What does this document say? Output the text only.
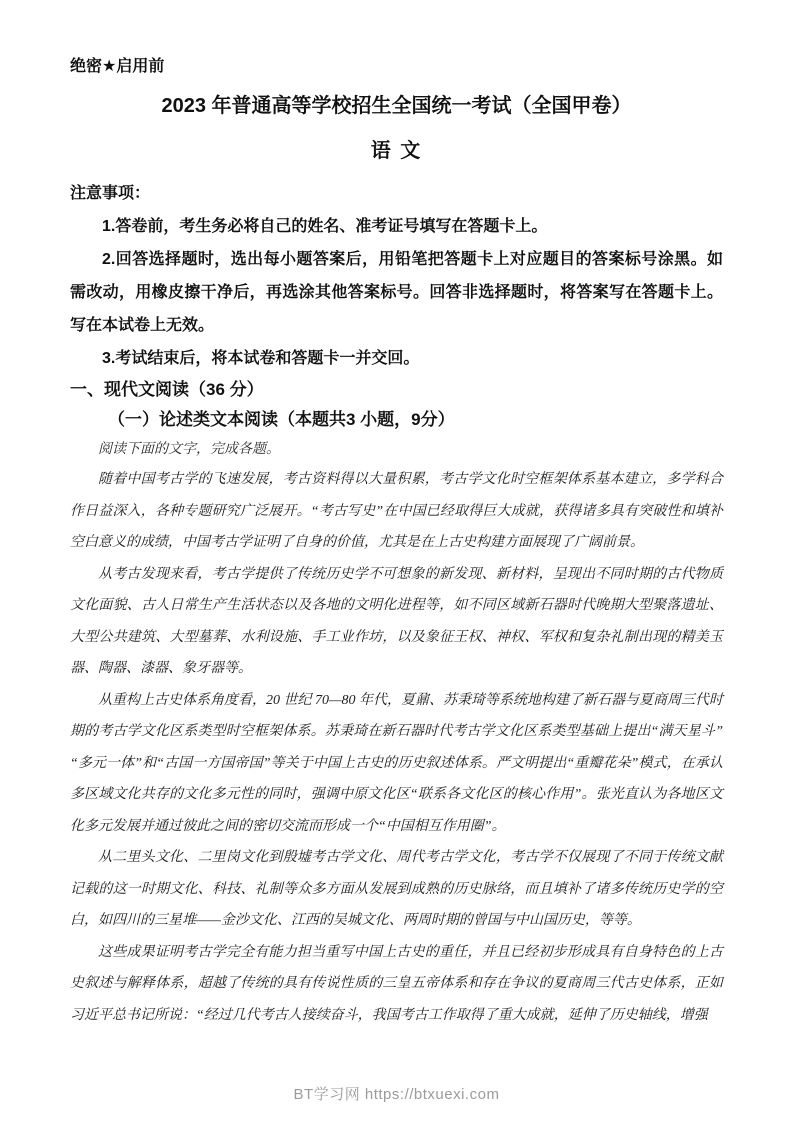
绝密★启用前
2023 年普通高等学校招生全国统一考试（全国甲卷）
语 文
注意事项：

1.答卷前，考生务必将自己的姓名、准考证号填写在答题卡上。

2.回答选择题时，选出每小题答案后，用铅笔把答题卡上对应题目的答案标号涂黑。如需改动，用橡皮擦干净后，再选涂其他答案标号。回答非选择题时，将答案写在答题卡上。写在本试卷上无效。

3.考试结束后，将本试卷和答题卡一并交回。

一、现代文阅读（36 分）
（一）论述类文本阅读（本题共3 小题，9分）

阅读下面的文字，完成各题。

随着中国考古学的飞速发展，考古资料得以大量积累，考古学文化时空框架体系基本建立，多学科合作日益深入，各种专题研究广泛展开。“考古写史”在中国已经取得巨大成就，获得诸多具有突破性和填补空白意义的成绩，中国考古学证明了自身的价值，尤其是在上古史构建方面展现了广阔前景。

从考古发现来看，考古学提供了传统历史学不可想象的新发现、新材料，呈现出不同时期的古代物质文化面貌、古人日常生产生活状态以及各地的文明化进程等，如不同区域新石器时代晚期大型聚落遗址、大型公共建筑、大型墓葬、水利设施、手工业作坊，以及象征王权、神权、军权和复杂礼制出现的精美玉器、陶器、漆器、象牙器等。

从重构上古史体系角度看，20 世纪 70—80 年代，夏鼐、苏秉琦等系统地构建了新石器与夏商周三代时期的考古学文化区系类型时空框架体系。苏秉琦在新石器时代考古学文化区系类型基础上提出“满天星斗”“多元一体”和“古国一方国帝国”等关于中国上古史的历史叙述体系。严文明提出“重瓣花朵”模式，在承认多区域文化共存的文化多元性的同时，强调中原文化区“联系各文化区的核心作用”。张光直认为各地区文化多元发展并通过彼此之间的密切交流而形成一个“中国相互作用圈”。

从二里头文化、二里岗文化到殷墟考古学文化、周代考古学文化，考古学不仅展现了不同于传统文献记载的这一时期文化、科技、礼制等众多方面从发展到成熟的历史脉络，而且填补了诸多传统历史学的空白，如四川的三星堆——金沙文化、江西的吴城文化、两周时期的曾国与中山国历史，等等。

这些成果证明考古学完全有能力担当重写中国上古史的重任，并且已经初步形成具有自身特色的上古史叙述与解释体系，超越了传统的具有传说性质的三皇五帝体系和存在争议的夏商周三代古史体系，正如习近平总书记所说：“经过几代考古人接续奋斗，我国考古工作取得了重大成就，延伸了历史轴线，增强

BT学习网 https://btxuexi.com
